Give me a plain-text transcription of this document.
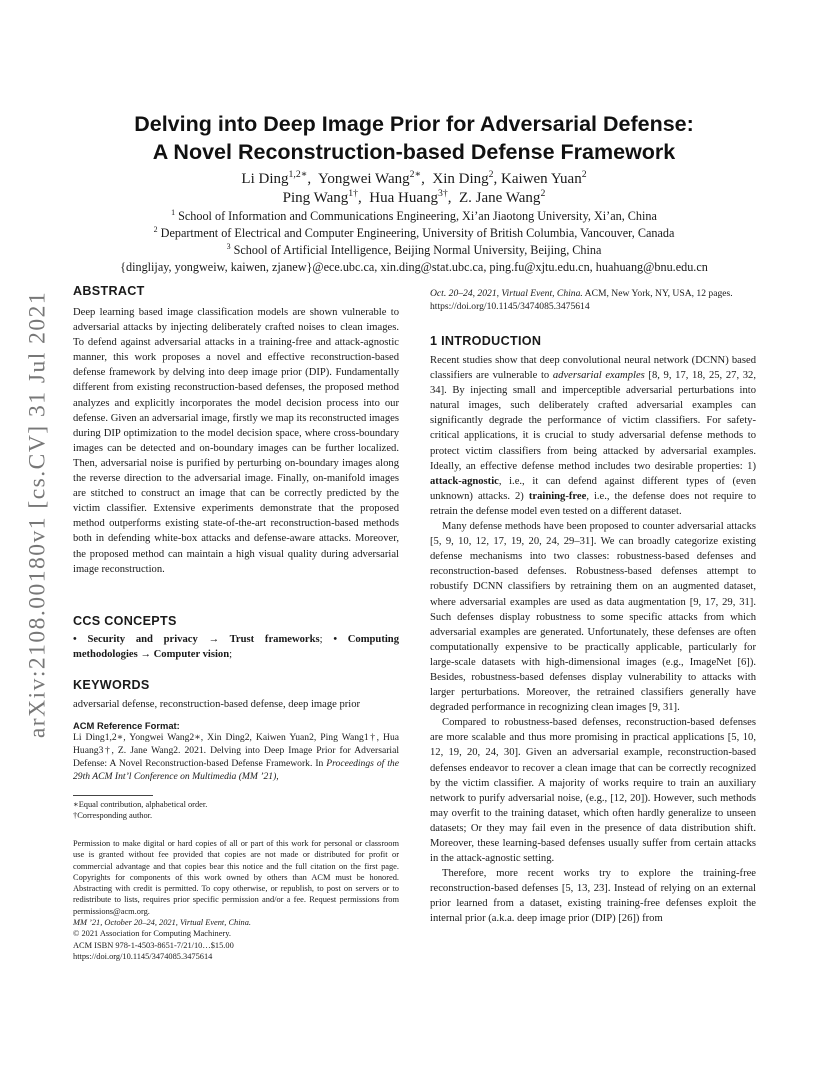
arXiv:2108.00180v1 [cs.CV] 31 Jul 2021
Delving into Deep Image Prior for Adversarial Defense:
A Novel Reconstruction-based Defense Framework
Li Ding$^{1,2∗}$,  Yongwei Wang$^{2∗}$,  Xin Ding$^2$, Kaiwen Yuan$^2$
Ping Wang$^{1\dagger}$,  Hua Huang$^{3\dagger}$,  Z. Jane Wang$^2$
$^1$ School of Information and Communications Engineering, Xi’an Jiaotong University, Xi’an, China
$^2$ Department of Electrical and Computer Engineering, University of British Columbia, Vancouver, Canada
$^3$ School of Artificial Intelligence, Beijing Normal University, Beijing, China
{dinglijay, yongweiw, kaiwen, zjanew}@ece.ubc.ca, xin.ding@stat.ubc.ca, ping.fu@xjtu.edu.cn, huahuang@bnu.edu.cn
ABSTRACT
Deep learning based image classification models are shown vulnerable to adversarial attacks by injecting deliberately crafted noises to clean images. To defend against adversarial attacks in a training-free and attack-agnostic manner, this work proposes a novel and effective reconstruction-based defense framework by delving into deep image prior (DIP). Fundamentally different from existing reconstruction-based defenses, the proposed method analyzes and explicitly incorporates the model decision process into our defense. Given an adversarial image, firstly we map its reconstructed images during DIP optimization to the model decision space, where cross-boundary images can be detected and on-boundary images can be further localized. Then, adversarial noise is purified by perturbing on-boundary images along the reverse direction to the adversarial image. Finally, on-manifold images are stitched to construct an image that can be correctly predicted by the victim classifier. Extensive experiments demonstrate that the proposed method outperforms existing state-of-the-art reconstruction-based methods both in defending white-box attacks and defense-aware attacks. Moreover, the proposed method can maintain a high visual quality during adversarial image reconstruction.
CCS CONCEPTS
• Security and privacy → Trust frameworks; • Computing methodologies → Computer vision;
KEYWORDS
adversarial defense, reconstruction-based defense, deep image prior
ACM Reference Format:
Li Ding1,2∗, Yongwei Wang2∗, Xin Ding2, Kaiwen Yuan2, Ping Wang1†, Hua Huang3†, Z. Jane Wang2. 2021. Delving into Deep Image Prior for Adversarial Defense: A Novel Reconstruction-based Defense Framework. In Proceedings of the 29th ACM Int’l Conference on Multimedia (MM ’21),
∗Equal contribution, alphabetical order.
†Corresponding author.

Permission to make digital or hard copies of all or part of this work for personal or classroom use is granted without fee provided that copies are not made or distributed for profit or commercial advantage and that copies bear this notice and the full citation on the first page. Copyrights for components of this work owned by others than ACM must be honored. Abstracting with credit is permitted. To copy otherwise, or republish, to post on servers or to redistribute to lists, requires prior specific permission and/or a fee. Request permissions from permissions@acm.org.

MM ’21, October 20–24, 2021, Virtual Event, China.

© 2021 Association for Computing Machinery.

ACM ISBN 978-1-4503-8651-7/21/10…$15.00

https://doi.org/10.1145/3474085.3475614

Oct. 20–24, 2021, Virtual Event, China. ACM, New York, NY, USA, 12 pages. https://doi.org/10.1145/3474085.3475614
1 INTRODUCTION

Recent studies show that deep convolutional neural network (DCNN) based classifiers are vulnerable to adversarial examples [8, 9, 17, 18, 25, 27, 32, 34]. By injecting small and imperceptible adversarial perturbations into natural images, such deliberately crafted adversarial examples can significantly degrade the performance of victim classifiers. For safety-critical applications, it is crucial to study adversarial defense methods to protect victim classifiers from being attacked by adversarial examples. Ideally, an effective defense method includes two desirable properties: 1) attack-agnostic, i.e., it can defend against different types of (even unknown) attacks. 2) training-free, i.e., the defense does not require to retrain the defense model even tested on a different dataset.

Many defense methods have been proposed to counter adversarial attacks [5, 9, 10, 12, 17, 19, 20, 24, 29–31]. We can broadly categorize existing defense mechanisms into two classes: robustness-based defenses and reconstruction-based defenses. Robustness-based defenses attempt to robustify DCNN classifiers by retraining them on an augmented dataset, where adversarial examples are used as data augmentation [9, 17, 29, 31]. Such defenses display robustness to some specific attacks from which adversarial examples are generated. Unfortunately, these defenses are often computationally expensive to be practically applicable, particularly for large-scale datasets with high-dimensional images (e.g., ImageNet [6]). Besides, robustness-based defenses display vulnerability to attacks with larger perturbations. Moreover, the retrained classifiers generally have degraded performance in recognizing clean images [9, 31].

Compared to robustness-based defenses, reconstruction-based defenses are more scalable and thus more promising in practical applications [5, 10, 12, 19, 20, 24, 30]. Given an adversarial example, reconstruction-based defenses endeavor to recover a clean image that can be correctly recognized by the victim classifier. A majority of works require to train an auxiliary network to purify adversarial noise, (e.g., [12, 20]). However, such methods may overfit to the training dataset, which often hardly generalize to unseen datasets; Or they may fail even in the presence of data distribution shift. Moreover, these learning-based defenses usually suffer from certain attacks in the attack-agnostic setting.

Therefore, more recent works try to explore the training-free reconstruction-based defenses [5, 13, 23]. Instead of relying on an external prior learned from a dataset, existing training-free defenses exploit the internal prior (a.k.a. deep image prior (DIP) [26]) from
